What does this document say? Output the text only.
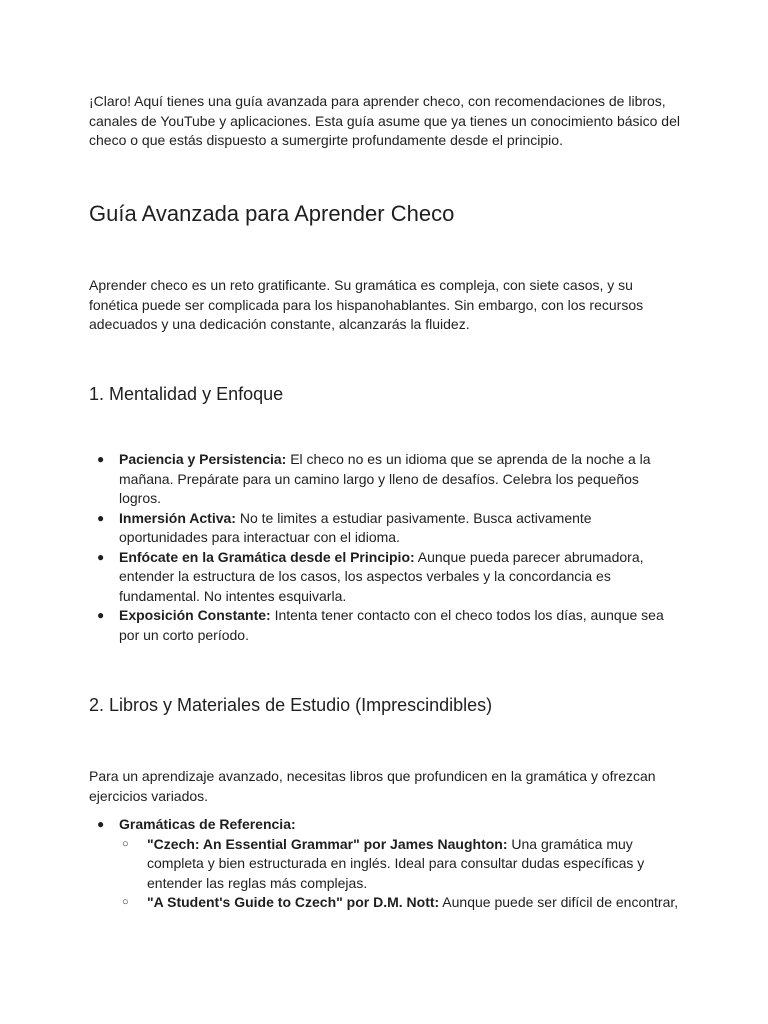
¡Claro! Aquí tienes una guía avanzada para aprender checo, con recomendaciones de libros, canales de YouTube y aplicaciones. Esta guía asume que ya tienes un conocimiento básico del checo o que estás dispuesto a sumergirte profundamente desde el principio.

Guía Avanzada para Aprender Checo

Aprender checo es un reto gratificante. Su gramática es compleja, con siete casos, y su fonética puede ser complicada para los hispanohablantes. Sin embargo, con los recursos adecuados y una dedicación constante, alcanzarás la fluidez.

1. Mentalidad y Enfoque
● Paciencia y Persistencia: El checo no es un idioma que se aprenda de la noche a la mañana. Prepárate para un camino largo y lleno de desafíos. Celebra los pequeños logros.
● Inmersión Activa: No te limites a estudiar pasivamente. Busca activamente oportunidades para interactuar con el idioma.
● Enfócate en la Gramática desde el Principio: Aunque pueda parecer abrumadora, entender la estructura de los casos, los aspectos verbales y la concordancia es fundamental. No intentes esquivarla.
● Exposición Constante: Intenta tener contacto con el checo todos los días, aunque sea por un corto período.
2. Libros y Materiales de Estudio (Imprescindibles)

Para un aprendizaje avanzado, necesitas libros que profundicen en la gramática y ofrezcan ejercicios variados.

● Gramáticas de Referencia:
○ "Czech: An Essential Grammar" por James Naughton: Una gramática muy completa y bien estructurada en inglés. Ideal para consultar dudas específicas y entender las reglas más complejas.
○ "A Student's Guide to Czech" por D.M. Nott: Aunque puede ser difícil de encontrar,
